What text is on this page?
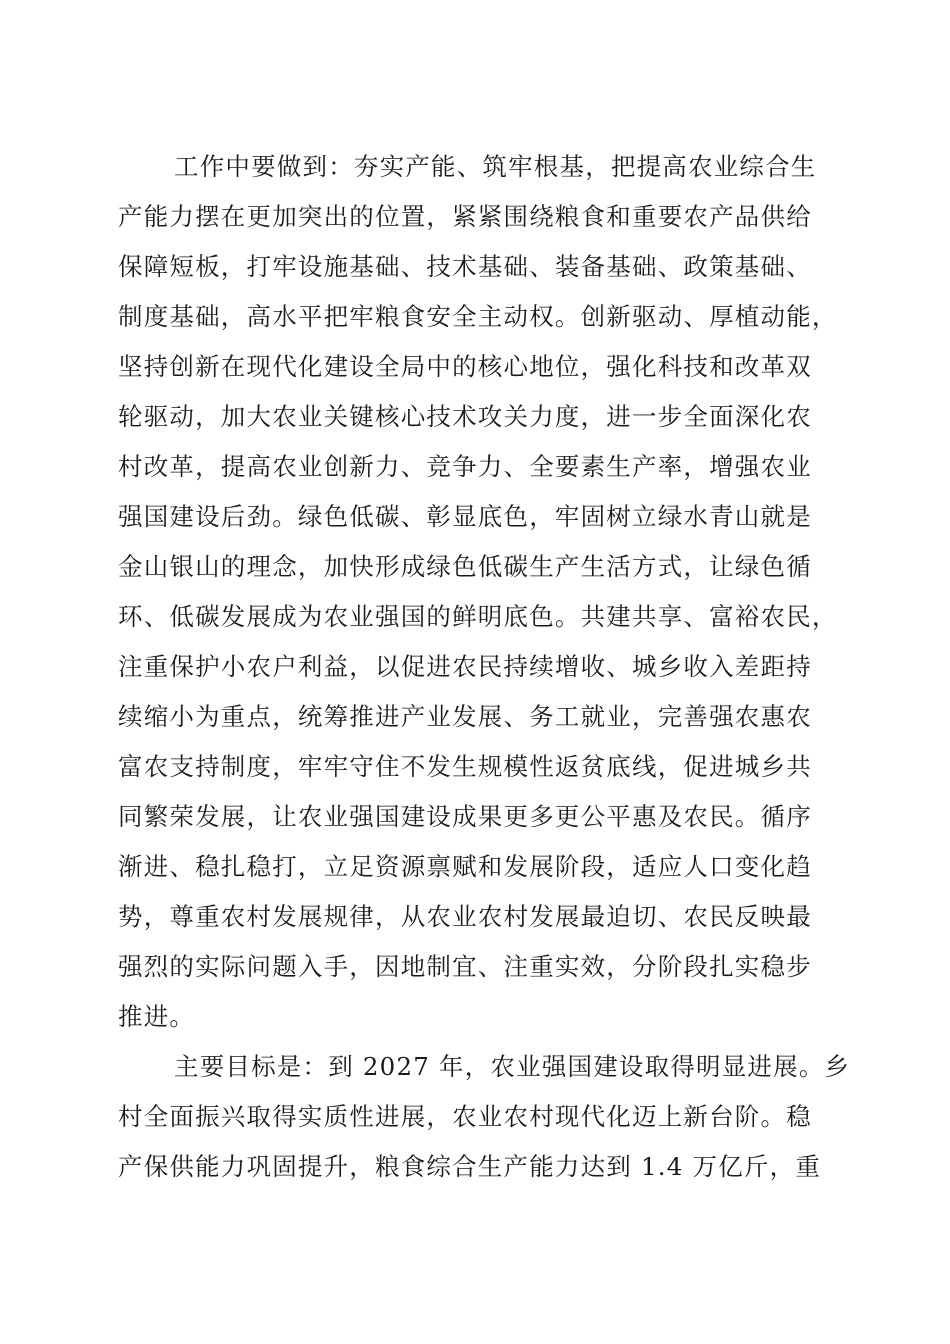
工作中要做到：夯实产能、筑牢根基，把提高农业综合生
产能力摆在更加突出的位置，紧紧围绕粮食和重要农产品供给
保障短板，打牢设施基础、技术基础、装备基础、政策基础、
制度基础，高水平把牢粮食安全主动权。创新驱动、厚植动能，
坚持创新在现代化建设全局中的核心地位，强化科技和改革双
轮驱动，加大农业关键核心技术攻关力度，进一步全面深化农
村改革，提高农业创新力、竞争力、全要素生产率，增强农业
强国建设后劲。绿色低碳、彰显底色，牢固树立绿水青山就是
金山银山的理念，加快形成绿色低碳生产生活方式，让绿色循
环、低碳发展成为农业强国的鲜明底色。共建共享、富裕农民，
注重保护小农户利益，以促进农民持续增收、城乡收入差距持
续缩小为重点，统筹推进产业发展、务工就业，完善强农惠农
富农支持制度，牢牢守住不发生规模性返贫底线，促进城乡共
同繁荣发展，让农业强国建设成果更多更公平惠及农民。循序
渐进、稳扎稳打，立足资源禀赋和发展阶段，适应人口变化趋
势，尊重农村发展规律，从农业农村发展最迫切、农民反映最
强烈的实际问题入手，因地制宜、注重实效，分阶段扎实稳步
推进。
主要目标是：到 2027 年，农业强国建设取得明显进展。乡
村全面振兴取得实质性进展，农业农村现代化迈上新台阶。稳
产保供能力巩固提升，粮食综合生产能力达到 1.4 万亿斤，重
